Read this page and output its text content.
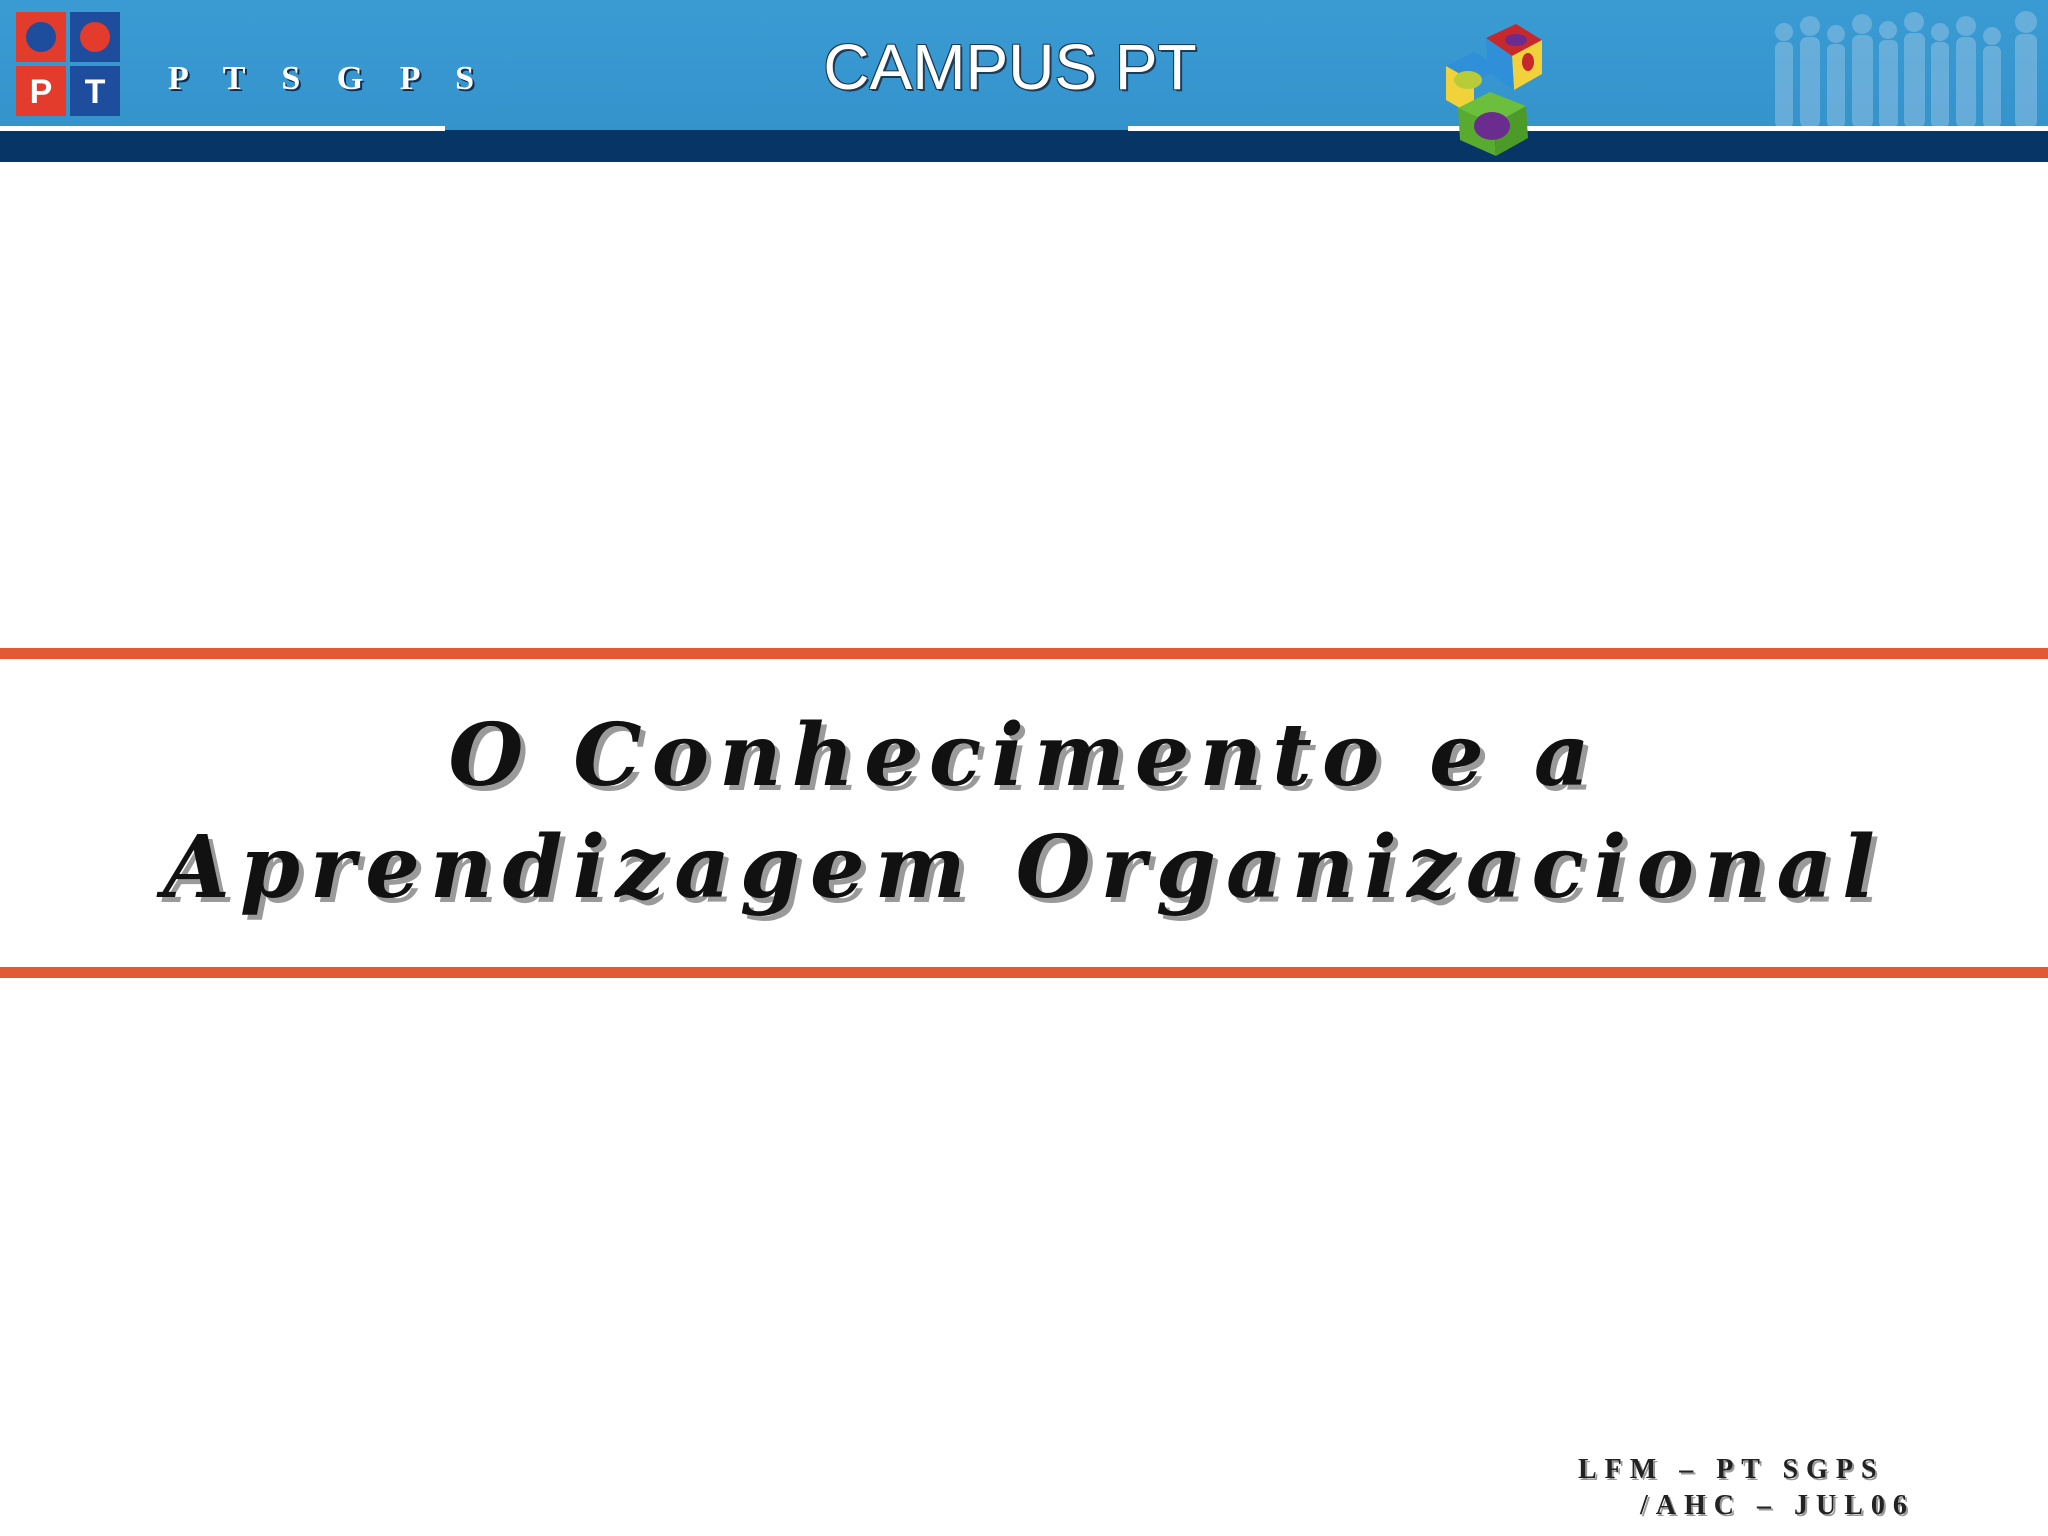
P T	P T S G P S	CAMPUS PT
O Conhecimento e a
Aprendizagem Organizacional
LFM – PT SGPS
/AHC – JUL06
